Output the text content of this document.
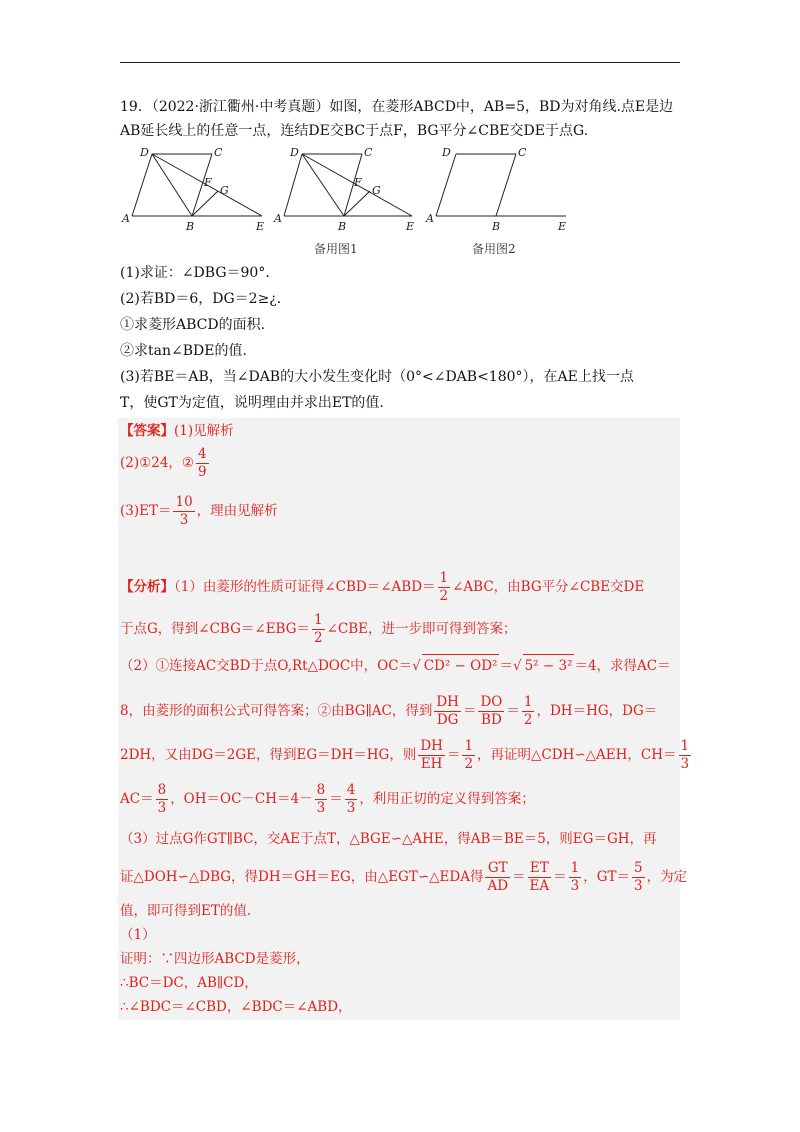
19．（2022·浙江衢州·中考真题）如图，在菱形ABCD中，AB=5，BD为对角线.点E是边
AB延长线上的任意一点，连结DE交BC于点F，BG平分∠CBE交DE于点G.
A
B
C
D
E
F
G
A
B
C
D
E
F
G
A
B
C
D
E
备用图1	备用图2
(1)求证：∠DBG＝90°.
(2)若BD＝6，DG＝2≥¿.
①求菱形ABCD的面积.
②求tan∠BDE的值.
(3)若BE＝AB，当∠DAB的大小发生变化时（0°<∠DAB<180°），在AE上找一点
T，使GT为定值，说明理由并求出ET的值.
【答案】(1)见解析
(2)①24，② $\frac{4}{9}$
$(3)ET= \frac{10}{3}$ ，理由见解析
【分析】（1）由菱形的性质可证得∠CBD＝∠ABD＝ $\frac{1}{2}$ ∠ABC，由BG平分∠CBE交DE
于点G，得到∠CBG＝∠EBG＝ $\frac{1}{2}$ ∠CBE，进一步即可得到答案；
（2）①连接AC交BD于点O,Rt△DOC中，OC＝√ CD² − OD² ＝√ 5² − 3² ＝4，求得AC＝
8，由菱形的面积公式可得答案；②由BG∥AC，得到 $\frac{DH}{DG} = \frac{DO}{BD} = \frac{1}{2}$ ，DH＝HG，DG＝
2DH，又由DG＝2GE，得到EG＝DH＝HG，则 $\frac{DH}{EH} = \frac{1}{2}$ ，再证明△CDH∽△AEH，$CH= \frac{1}{3}$
$AC= \frac{8}{3}$ ，$OH=OC-CH=4- \frac{8}{3} = \frac{4}{3}$ ，利用正切的定义得到答案；
（3）过点G作GT∥BC，交AE于点T，△BGE∽△AHE，得AB＝BE＝5，则EG＝GH，再
证△DOH∽△DBG，得DH＝GH＝EG，由△EGT∽△EDA得 $\frac{GT}{AD} = \frac{ET}{EA} = \frac{1}{3}$ ，$GT= \frac{5}{3}$ ，为定
值，即可得到ET的值.
（1）
证明：∵四边形ABCD是菱形，
∴BC＝DC，AB∥CD，
∴∠BDC＝∠CBD，∠BDC＝∠ABD，
